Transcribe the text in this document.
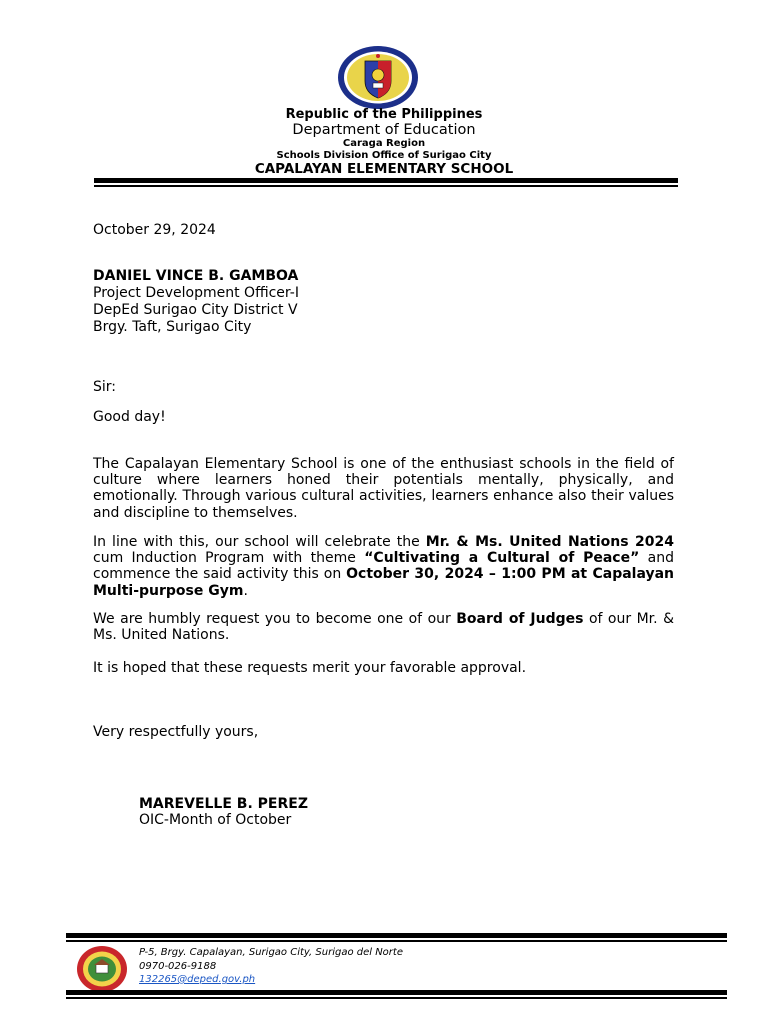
Republic of the Philippines
Department of Education
Caraga Region
Schools Division Office of Surigao City
CAPALAYAN ELEMENTARY SCHOOL
October 29, 2024
DANIEL VINCE B. GAMBOA
Project Development Officer-I
DepEd Surigao City District V
Brgy. Taft, Surigao City
Sir:
Good day!
The Capalayan Elementary School is one of the enthusiast schools in the field of culture where learners honed their potentials mentally, physically, and emotionally. Through various cultural activities, learners enhance also their values and discipline to themselves.
In line with this, our school will celebrate the Mr. & Ms. United Nations 2024 cum Induction Program with theme “Cultivating a Cultural of Peace” and commence the said activity this on October 30, 2024 – 1:00 PM at Capalayan Multi-purpose Gym.
We are humbly request you to become one of our Board of Judges of our Mr. & Ms. United Nations.
It is hoped that these requests merit your favorable approval.
Very respectfully yours,
MAREVELLE B. PEREZ
OIC-Month of October
P-5, Brgy. Capalayan, Surigao City, Surigao del Norte
0970-026-9188
132265@deped.gov.ph
